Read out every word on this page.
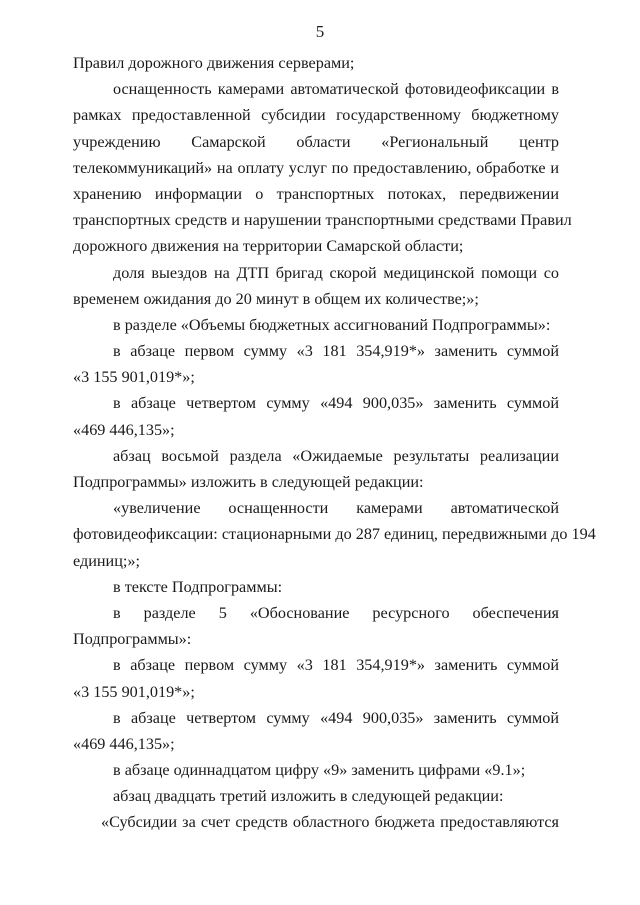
5
Правил дорожного движения серверами;
оснащенность камерами автоматической фотовидеофиксации в
рамках предоставленной субсидии государственному бюджетному
учреждению Самарской области «Региональный центр
телекоммуникаций» на оплату услуг по предоставлению, обработке и
хранению информации о транспортных потоках, передвижении
транспортных средств и нарушении транспортными средствами Правил
дорожного движения на территории Самарской области;
доля выездов на ДТП бригад скорой медицинской помощи со
временем ожидания до 20 минут в общем их количестве;»;
в разделе «Объемы бюджетных ассигнований Подпрограммы»:
в абзаце первом сумму «3 181 354,919*» заменить суммой
«3 155 901,019*»;
в абзаце четвертом сумму «494 900,035» заменить суммой
«469 446,135»;
абзац восьмой раздела «Ожидаемые результаты реализации
Подпрограммы» изложить в следующей редакции:
«увеличение оснащенности камерами автоматической
фотовидеофиксации: стационарными до 287 единиц, передвижными до 194
единиц;»;
в тексте Подпрограммы:
в разделе 5 «Обоснование ресурсного обеспечения
Подпрограммы»:
в абзаце первом сумму «3 181 354,919*» заменить суммой
«3 155 901,019*»;
в абзаце четвертом сумму «494 900,035» заменить суммой
«469 446,135»;
в абзаце одиннадцатом цифру «9» заменить цифрами «9.1»;
абзац двадцать третий изложить в следующей редакции:
«Субсидии за счет средств областного бюджета предоставляются
